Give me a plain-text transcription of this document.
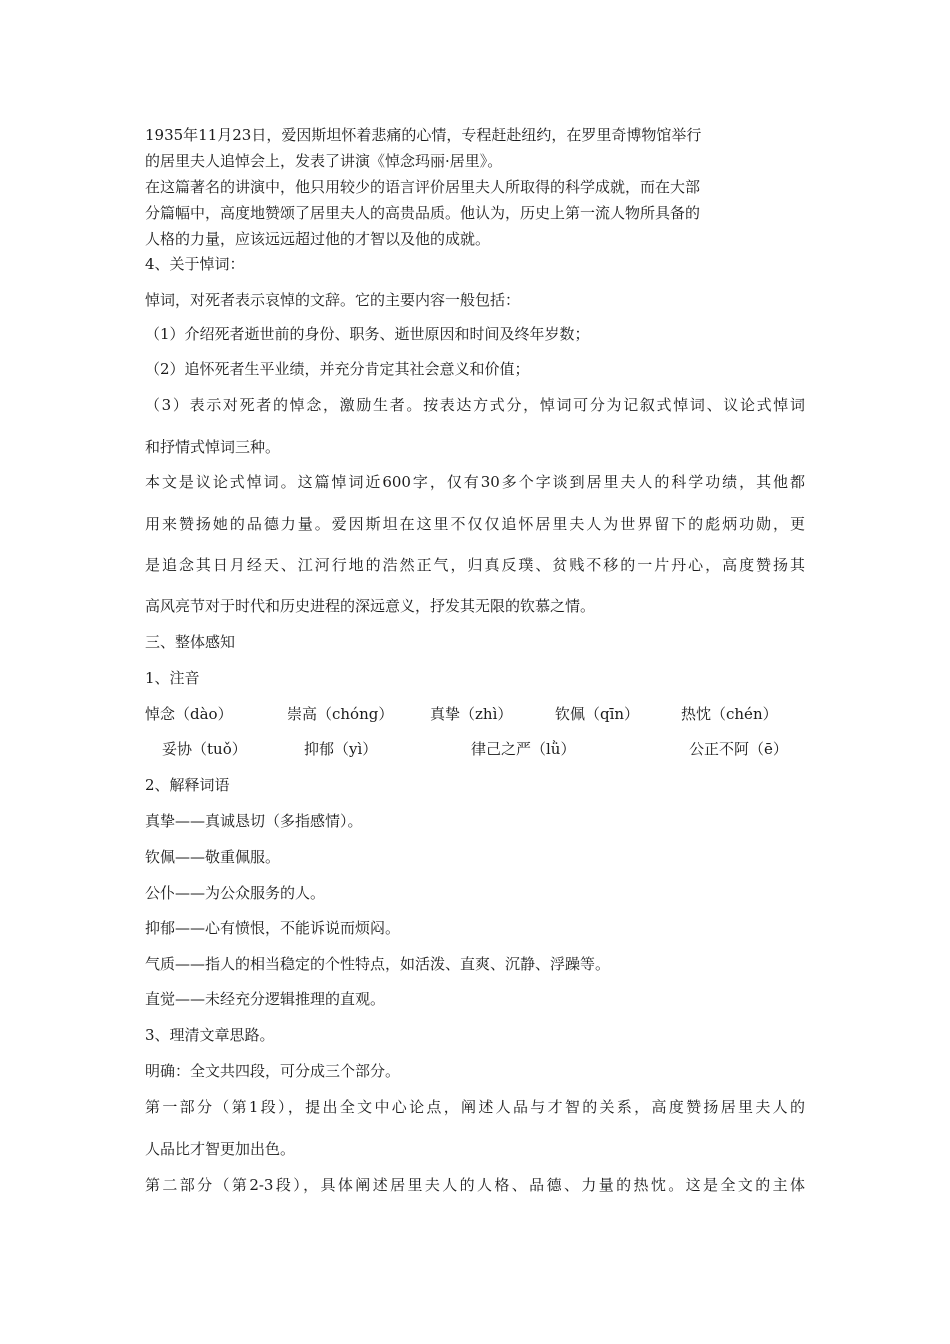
1935年11月23日，爱因斯坦怀着悲痛的心情，专程赶赴纽约，在罗里奇博物馆举行
的居里夫人追悼会上，发表了讲演《悼念玛丽·居里》。
在这篇著名的讲演中，他只用较少的语言评价居里夫人所取得的科学成就，而在大部
分篇幅中，高度地赞颂了居里夫人的高贵品质。他认为，历史上第一流人物所具备的
人格的力量，应该远远超过他的才智以及他的成就。
4、关于悼词：
悼词，对死者表示哀悼的文辞。它的主要内容一般包括：
（1）介绍死者逝世前的身份、职务、逝世原因和时间及终年岁数；
（2）追怀死者生平业绩，并充分肯定其社会意义和价值；
（3）表示对死者的悼念，激励生者。按表达方式分，悼词可分为记叙式悼词、议论式悼词
和抒情式悼词三种。
本文是议论式悼词。这篇悼词近600字，仅有30多个字谈到居里夫人的科学功绩，其他都
用来赞扬她的品德力量。爱因斯坦在这里不仅仅追怀居里夫人为世界留下的彪炳功勋，更
是追念其日月经天、江河行地的浩然正气，归真反璞、贫贱不移的一片丹心，高度赞扬其
高风亮节对于时代和历史进程的深远意义，抒发其无限的钦慕之情。
三、整体感知
1、注音
悼念（dào）	崇高（chóng） 真挚（zhì）	钦佩（qīn）	热忱（chén）
妥协（tuǒ）	抑郁（yì）	律己之严（lǜ）	公正不阿（ē）
2、解释词语
真挚——真诚恳切（多指感情）。
钦佩——敬重佩服。
公仆——为公众服务的人。
抑郁——心有愤恨，不能诉说而烦闷。
气质——指人的相当稳定的个性特点，如活泼、直爽、沉静、浮躁等。
直觉——未经充分逻辑推理的直观。
3、理清文章思路。
明确：全文共四段，可分成三个部分。
第一部分（第1段），提出全文中心论点，阐述人品与才智的关系，高度赞扬居里夫人的
人品比才智更加出色。
第二部分（第2-3段），具体阐述居里夫人的人格、品德、力量的热忱。这是全文的主体
